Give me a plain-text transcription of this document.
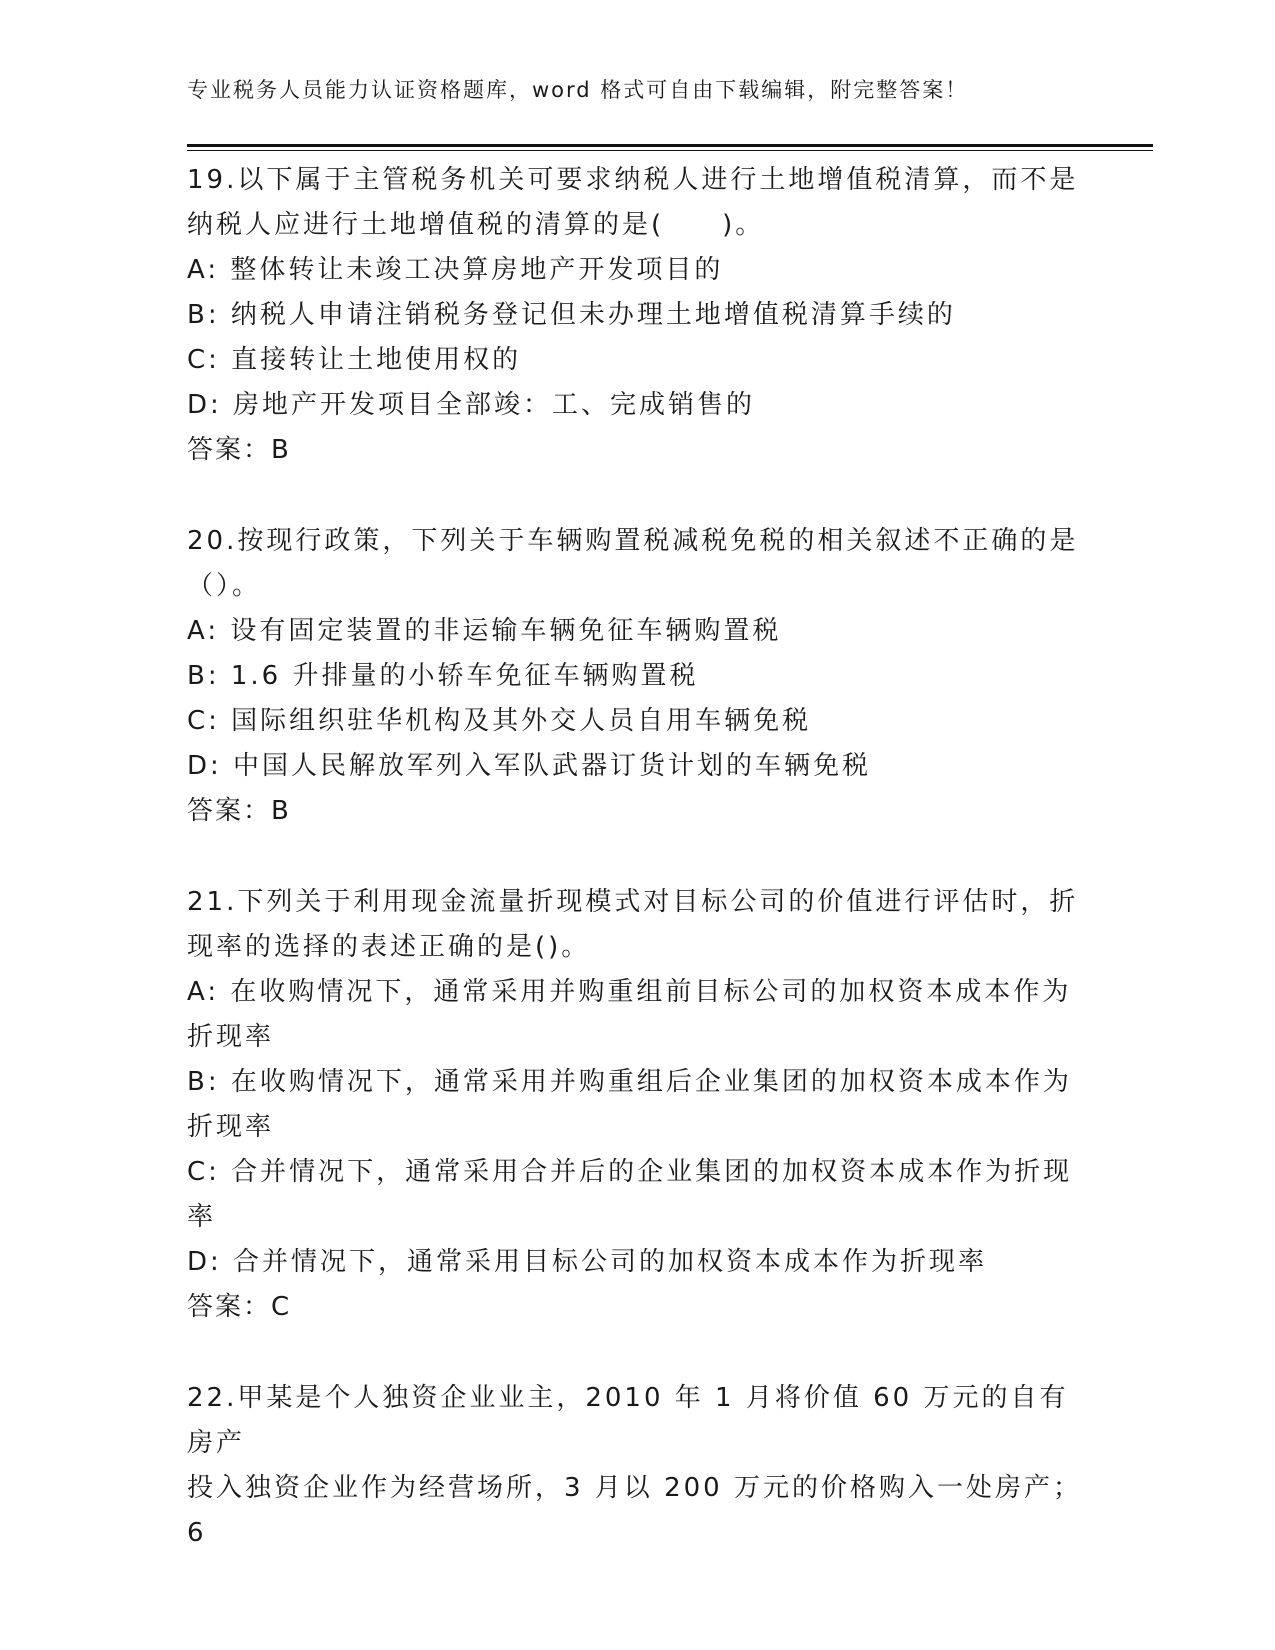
专业税务人员能力认证资格题库，word 格式可自由下载编辑，附完整答案！

19.以下属于主管税务机关可要求纳税人进行土地增值税清算，而不是

纳税人应进行土地增值税的清算的是(　　)。

A: 整体转让未竣工决算房地产开发项目的

B: 纳税人申请注销税务登记但未办理土地增值税清算手续的

C: 直接转让土地使用权的

D: 房地产开发项目全部竣：工、完成销售的

答案：B

20.按现行政策，下列关于车辆购置税减税免税的相关叙述不正确的是

（）。

A: 设有固定装置的非运输车辆免征车辆购置税

B: 1.6 升排量的小轿车免征车辆购置税

C: 国际组织驻华机构及其外交人员自用车辆免税

D: 中国人民解放军列入军队武器订货计划的车辆免税

答案：B

21.下列关于利用现金流量折现模式对目标公司的价值进行评估时，折

现率的选择的表述正确的是()。

A: 在收购情况下，通常采用并购重组前目标公司的加权资本成本作为

折现率

B: 在收购情况下，通常采用并购重组后企业集团的加权资本成本作为

折现率

C: 合并情况下，通常采用合并后的企业集团的加权资本成本作为折现

率

D: 合并情况下，通常采用目标公司的加权资本成本作为折现率

答案：C

22.甲某是个人独资企业业主，2010 年 1 月将价值 60 万元的自有房产

投入独资企业作为经营场所，3 月以 200 万元的价格购入一处房产；6
